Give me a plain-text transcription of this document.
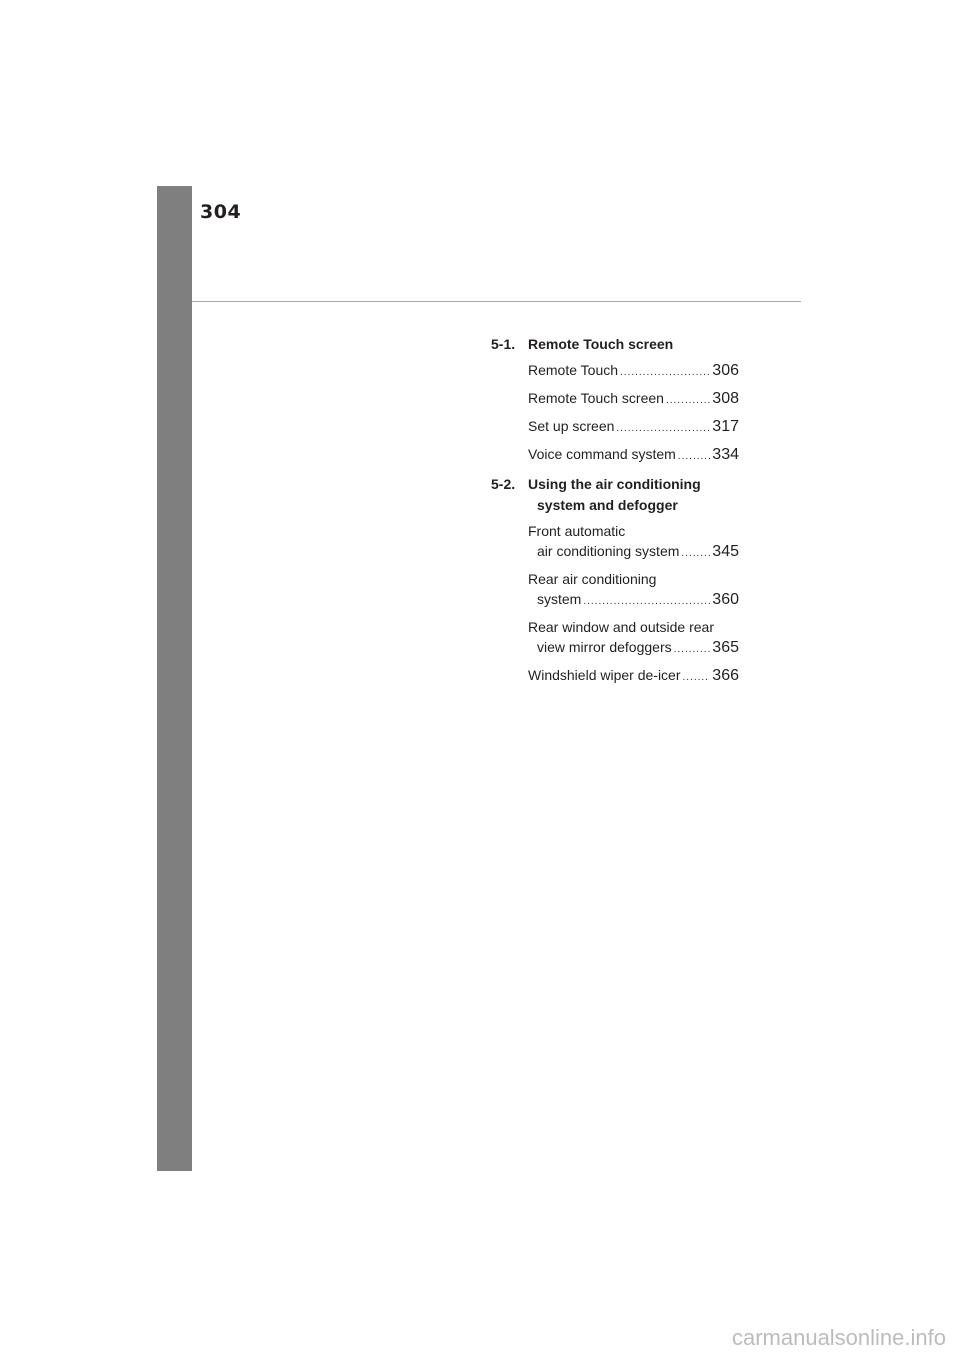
304
5-1. Remote Touch screen
Remote Touch .....	306
Remote Touch screen .....	308
Set up screen .....	317
Voice command system ..... 334
5-2. Using the air conditioning
system and defogger
Front automatic
air conditioning system ..... 345
Rear air conditioning
system .....	360
Rear window and outside rear
view mirror defoggers .....	365
Windshield wiper de-icer ..... 366
carmanualsonline.info
